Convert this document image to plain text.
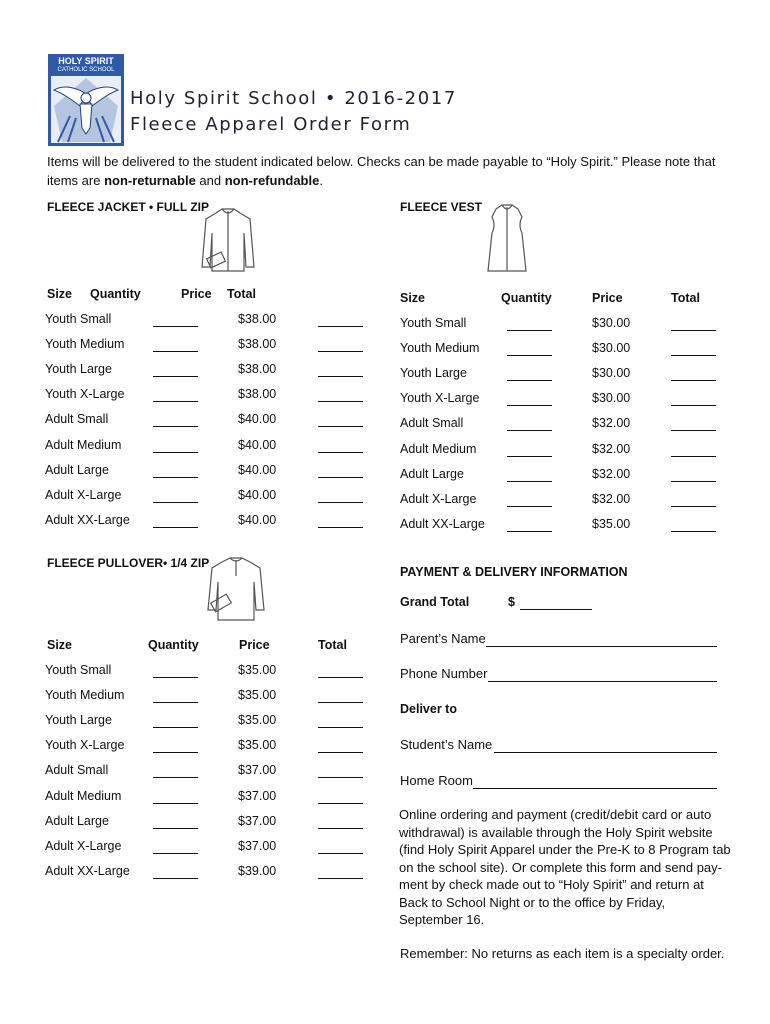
HOLY SPIRIT
CATHOLIC SCHOOL
Holy Spirit School • 2016-2017
Fleece Apparel Order Form
Items will be delivered to the student indicated below. Checks can be made payable to “Holy Spirit.” Please note that items are non-returnable and non-refundable.
FLEECE JACKET • FULL ZIP
Size Quantity	Price Total
Youth Small	$38.00
Youth Medium	$38.00
Youth Large	$38.00
Youth X-Large	$38.00
Adult Small	$40.00
Adult Medium	$40.00
Adult Large	$40.00
Adult X-Large	$40.00
Adult XX-Large	$40.00
FLEECE VEST
Size	Quantity	Price	Total
Youth Small	$30.00
Youth Medium	$30.00
Youth Large	$30.00
Youth X-Large	$30.00
Adult Small	$32.00
Adult Medium	$32.00
Adult Large	$32.00
Adult X-Large	$32.00
Adult XX-Large	$35.00
FLEECE PULLOVER• 1/4 ZIP
Size	Quantity	Price	Total
Youth Small	$35.00
Youth Medium	$35.00
Youth Large	$35.00
Youth X-Large	$35.00
Adult Small	$37.00
Adult Medium	$37.00
Adult Large	$37.00
Adult X-Large	$37.00
Adult XX-Large	$39.00
PAYMENT & DELIVERY INFORMATION
Grand Total	$
Parent’s Name
Phone Number
Deliver to
Student’s Name
Home Room
Online ordering and payment (credit/debit card or auto
withdrawal) is available through the Holy Spirit website
(find Holy Spirit Apparel under the Pre-K to 8 Program tab
on the school site). Or complete this form and send pay-
ment by check made out to “Holy Spirit” and return at
Back to School Night or to the office by Friday,
September 16.
Remember: No returns as each item is a specialty order.
